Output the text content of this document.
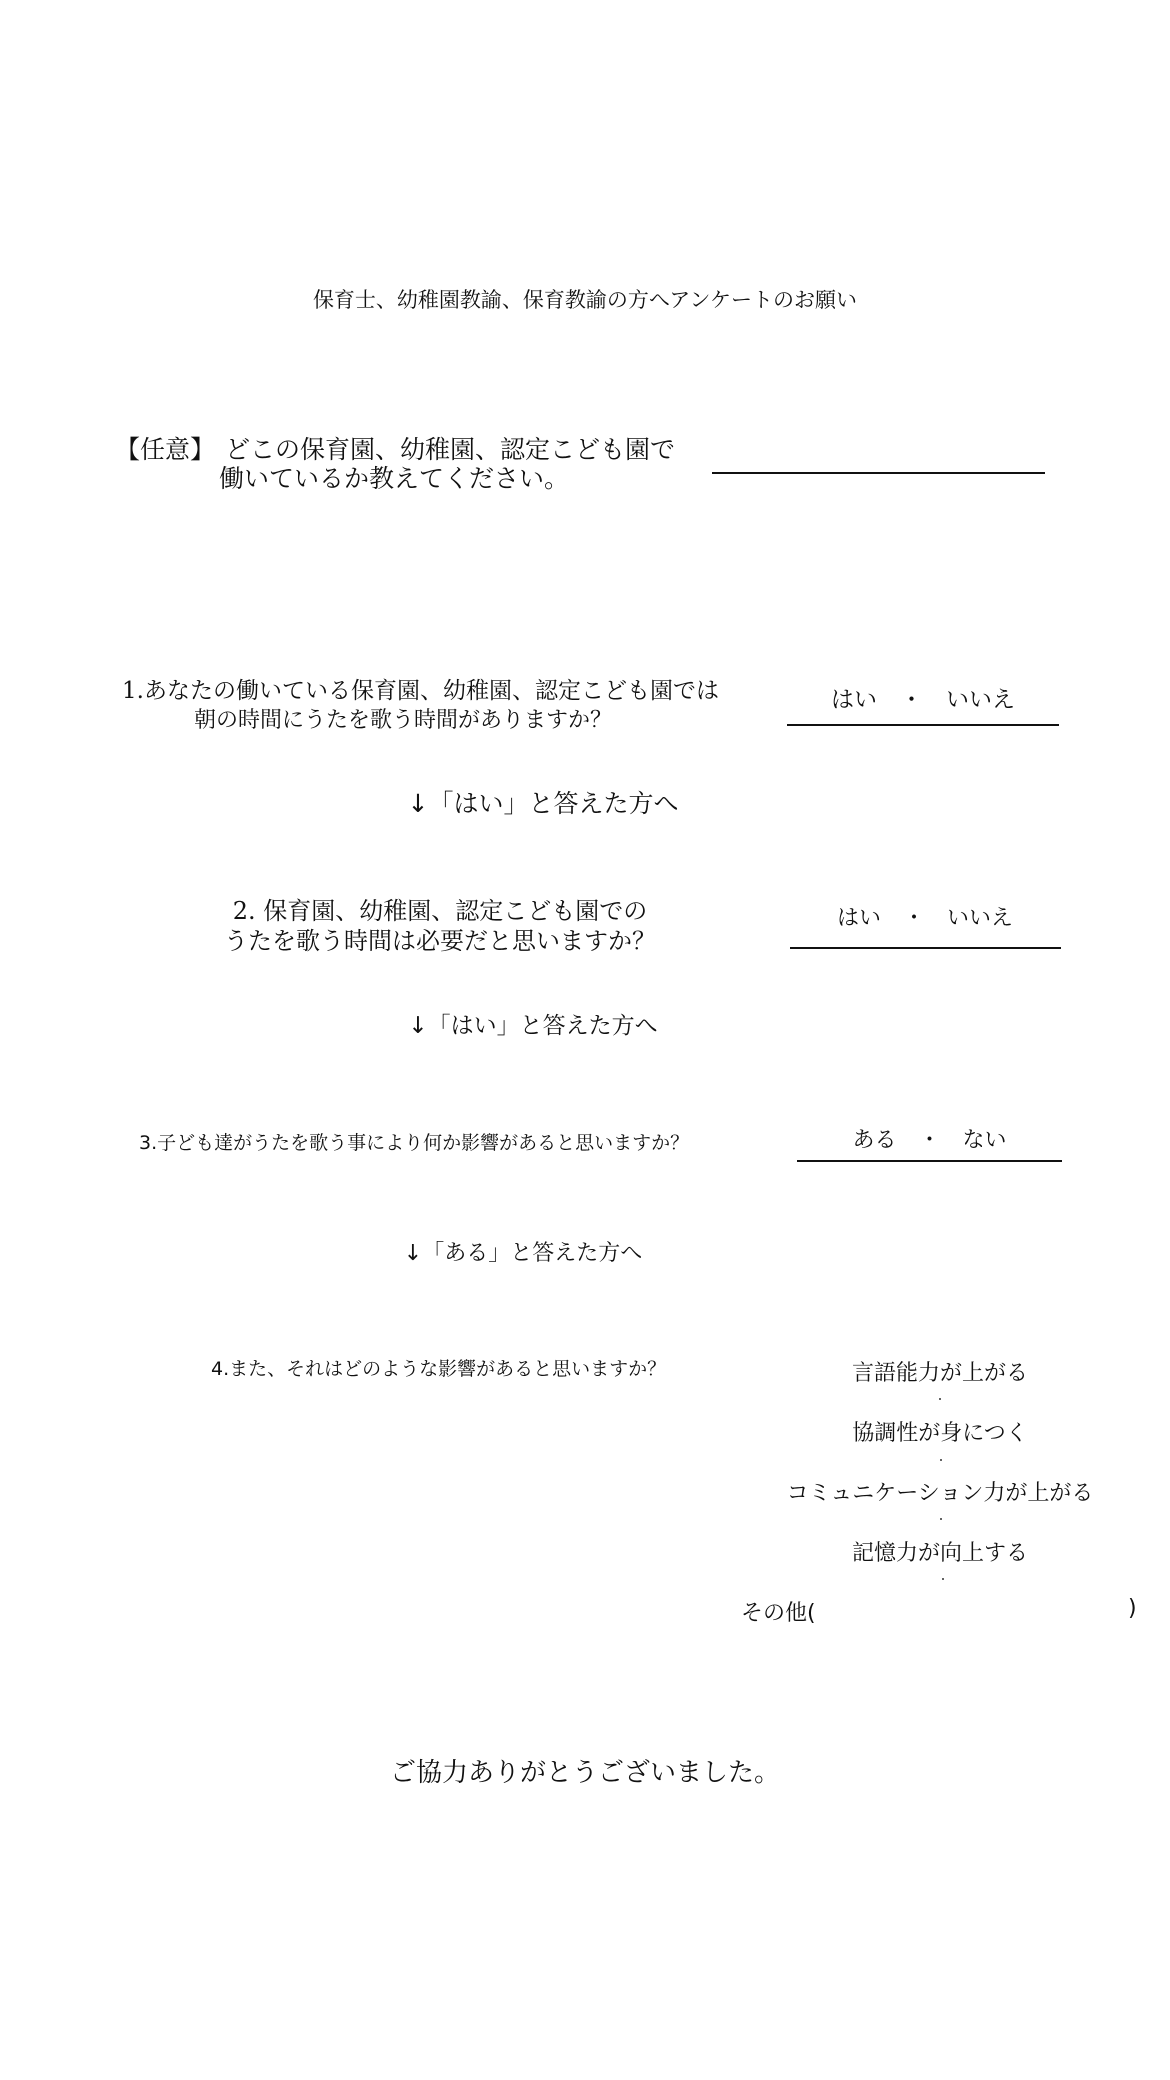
保育士、幼稚園教諭、保育教諭の方へアンケートのお願い
【任意】 どこの保育園、幼稚園、認定こども園で
働いているか教えてください。
1.あなたの働いている保育園、幼稚園、認定こども園では
朝の時間にうたを歌う時間がありますか？
はい　・　いいえ
↓「はい」と答えた方へ
2. 保育園、幼稚園、認定こども園での
うたを歌う時間は必要だと思いますか？
はい　・　いいえ
↓「はい」と答えた方へ
3.子ども達がうたを歌う事により何か影響があると思いますか？	ある　・　ない
↓「ある」と答えた方へ
4.また、それはどのような影響があると思いますか？	言語能力が上がる
協調性が身につく
コミュニケーション力が上がる
記憶力が向上する
その他(	)
ご協力ありがとうございました。
